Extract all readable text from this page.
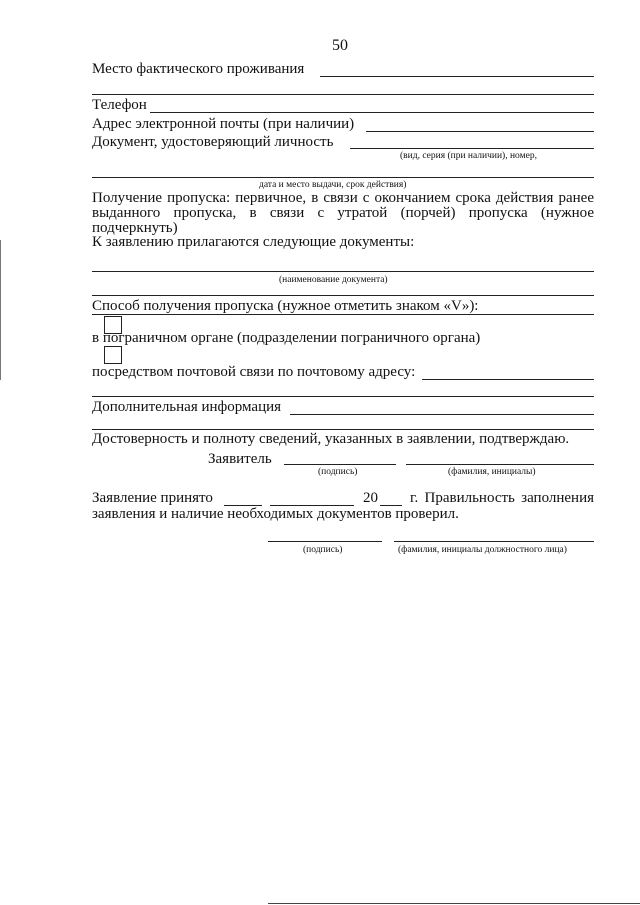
50
Место фактического проживания
Телефон
Адрес электронной почты (при наличии)
Документ, удостоверяющий личность
(вид, серия (при наличии), номер,
дата и место выдачи, срок действия)
Получение пропуска: первичное, в связи с окончанием срока действия ранее
выданного пропуска, в связи с утратой (порчей) пропуска (нужное
подчеркнуть)
К заявлению прилагаются следующие документы:
(наименование документа)
Способ получения пропуска (нужное отметить знаком «V»):
в пограничном органе (подразделении пограничного органа)
посредством почтовой связи по почтовому адресу:
Дополнительная информация
Достоверность и полноту сведений, указанных в заявлении, подтверждаю.
Заявитель
(подпись)	(фамилия, инициалы)
Заявление принято	20 г. Правильность заполнения
заявления и наличие необходимых документов проверил.
(подпись)	(фамилия, инициалы должностного лица)
